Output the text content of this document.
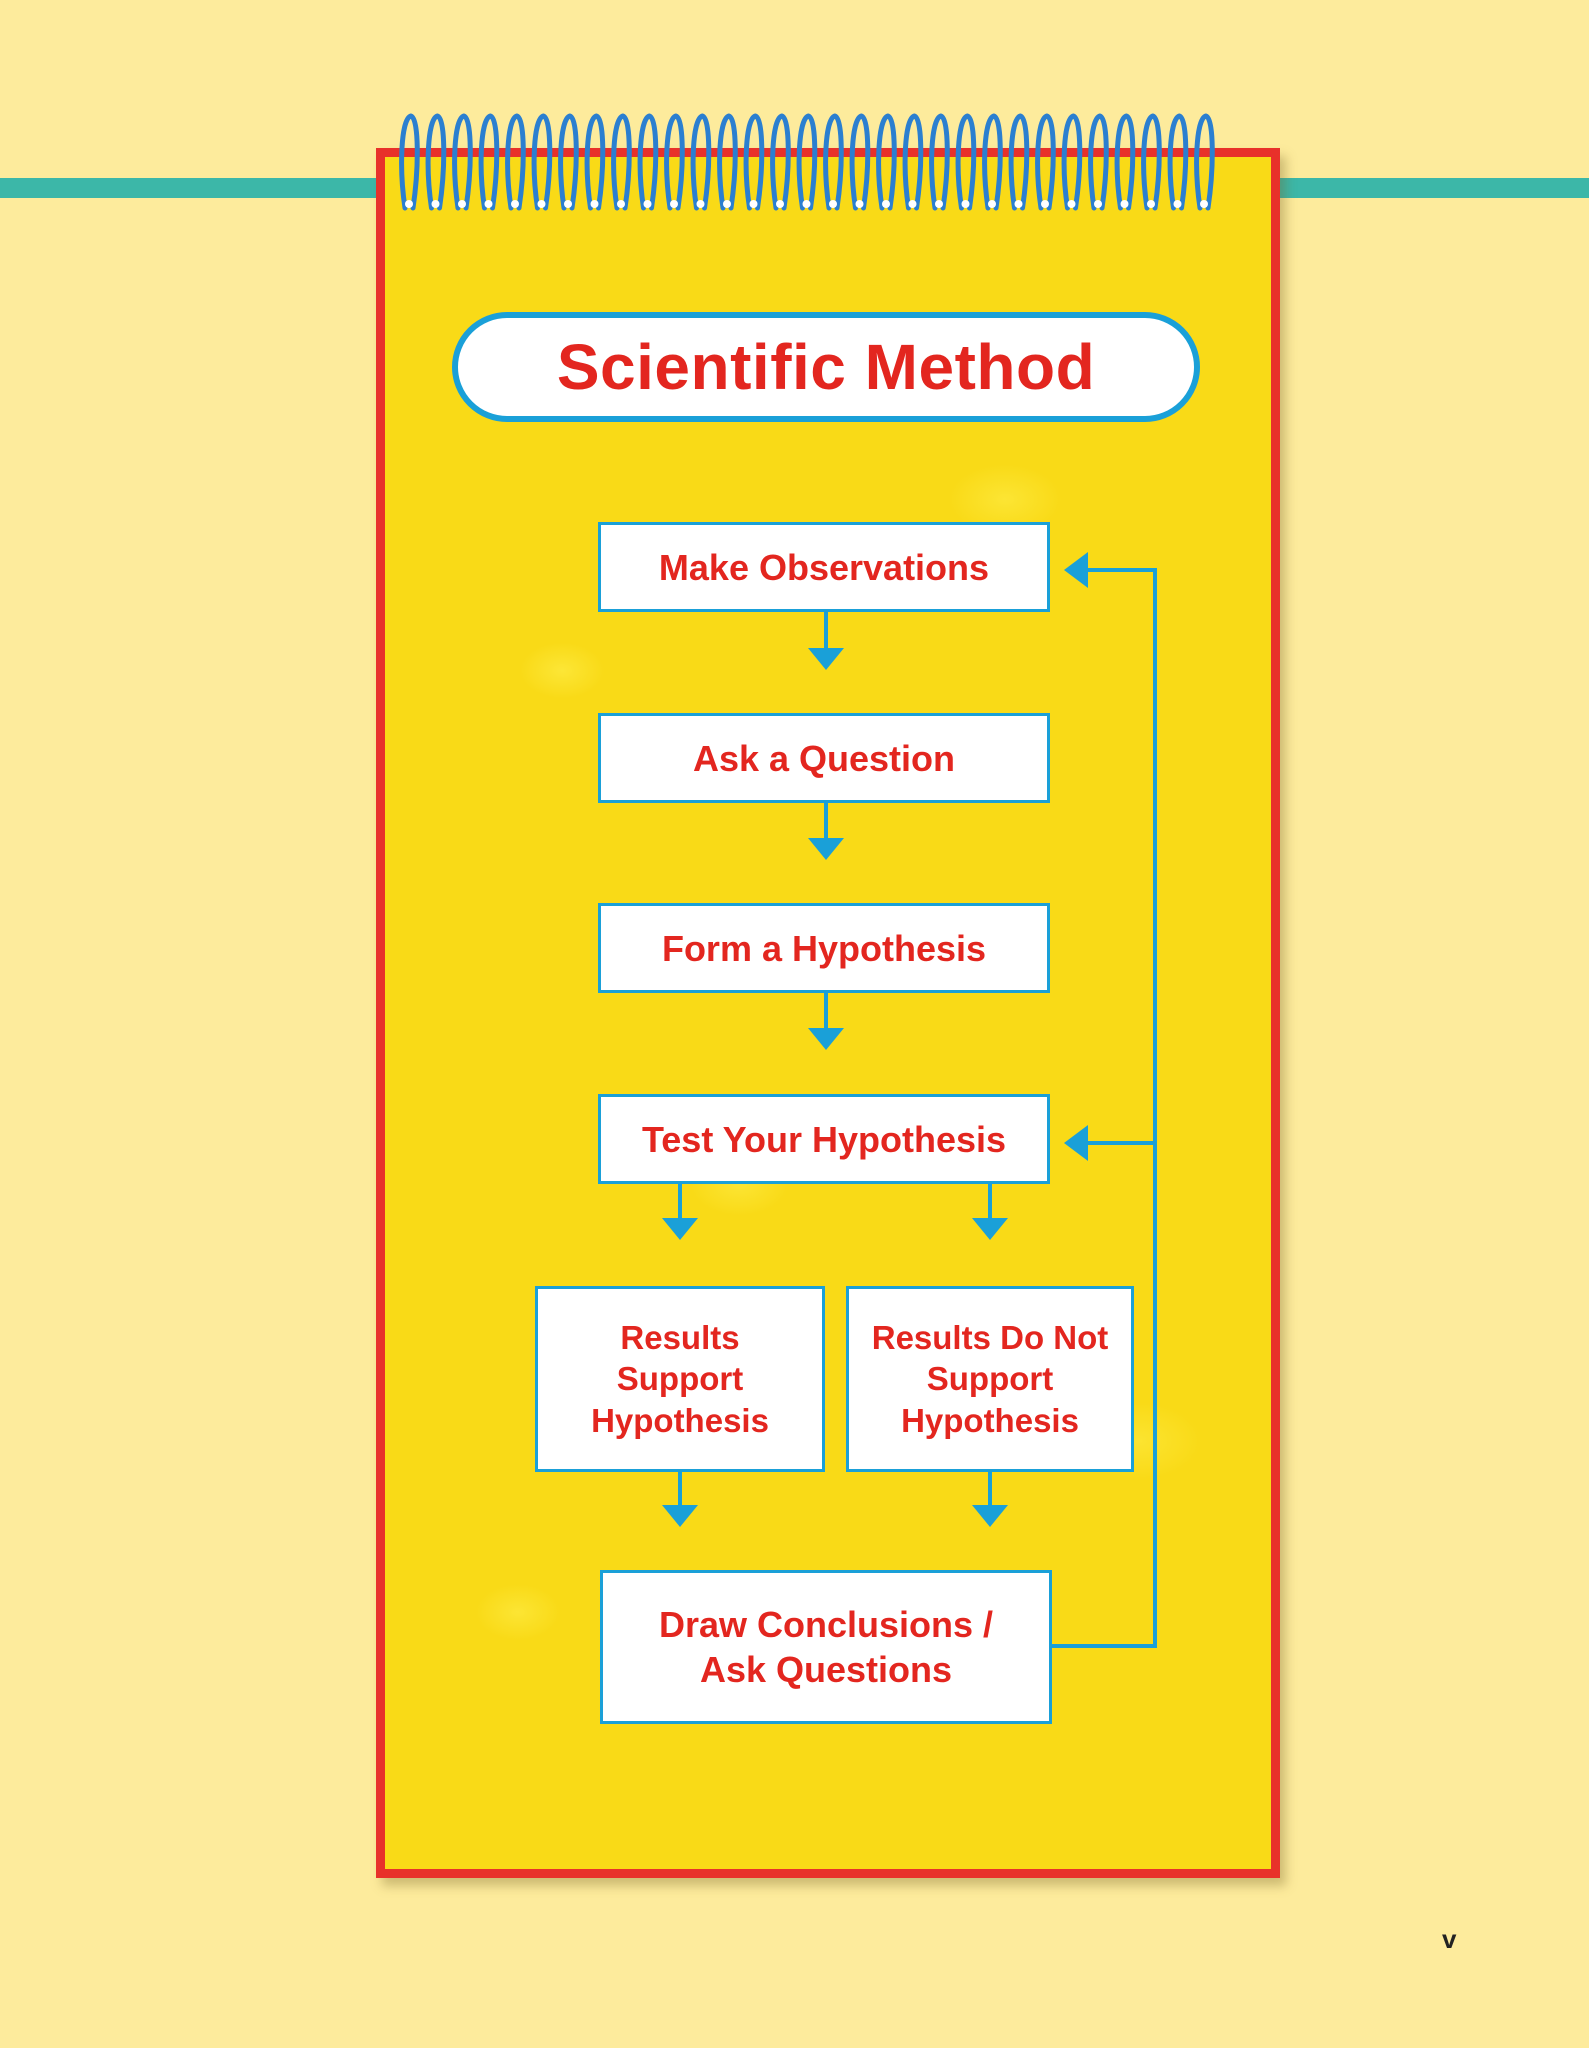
Scientific Method
Make Observations
Ask a Question
Form a Hypothesis
Test Your Hypothesis
Results Support Hypothesis
Results Do Not Support Hypothesis
Draw Conclusions / Ask Questions
v
